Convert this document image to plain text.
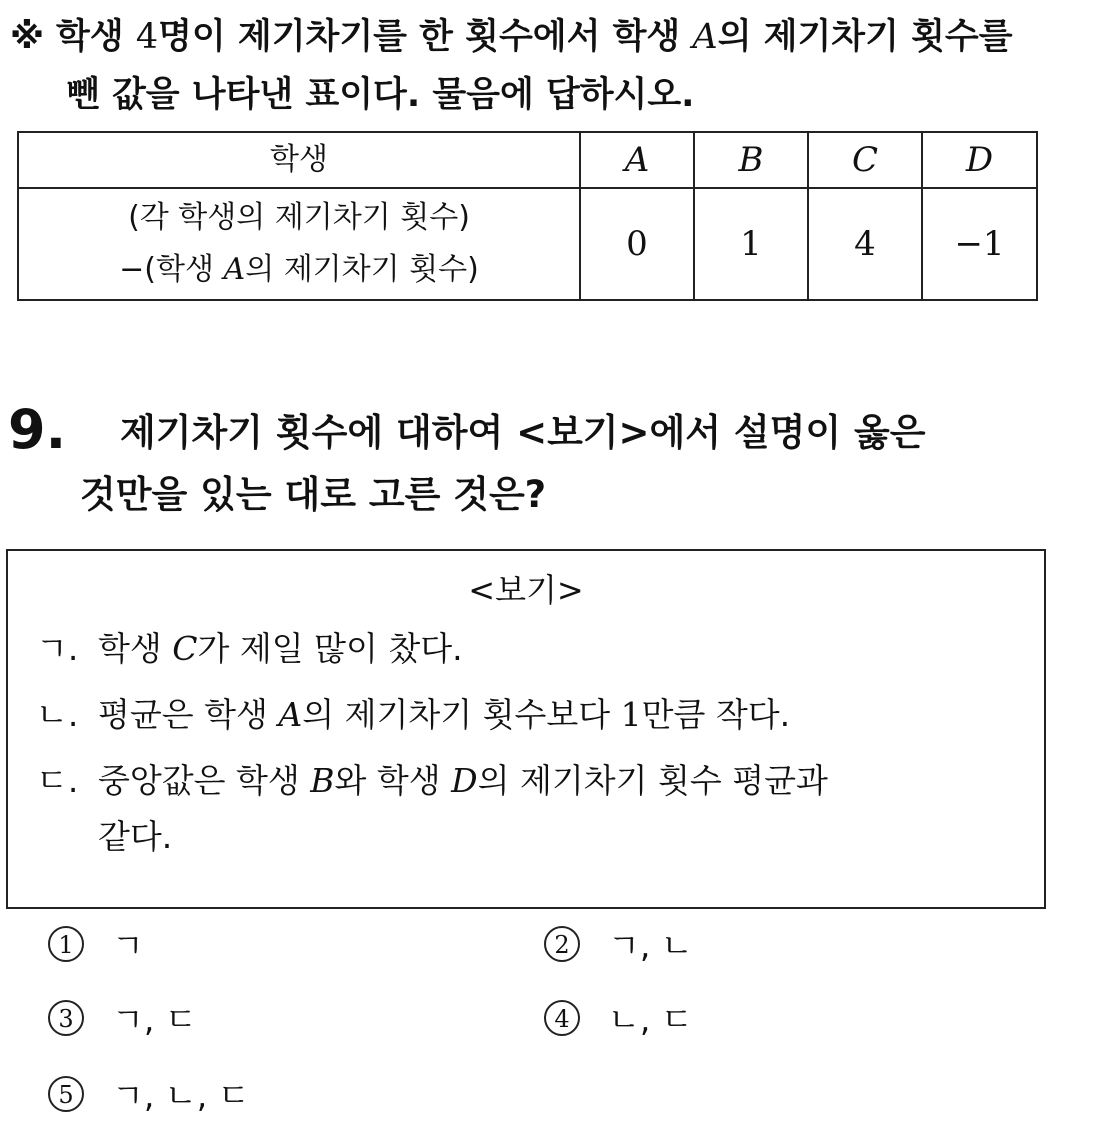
※ 학생 4명이 제기차기를 한 횟수에서 학생 A의 제기차기 횟수를
뺀 값을 나타낸 표이다. 물음에 답하시오.
학생	A	B	C	D

(각 학생의 제기차기 횟수)
−(학생 A의 제기차기 횟수)	0	1	4	−1
9. 제기차기 횟수에 대하여 <보기>에서 설명이 옳은
것만을 있는 대로 고른 것은?
<보기>
ㄱ. 학생 C가 제일 많이 찼다.
ㄴ. 평균은 학생 A의 제기차기 횟수보다 1만큼 작다.
ㄷ. 중앙값은 학생 B와 학생 D의 제기차기 횟수 평균과
같다.
1 ㄱ	2 ㄱ, ㄴ
3 ㄱ, ㄷ	4 ㄴ, ㄷ
5 ㄱ, ㄴ, ㄷ
